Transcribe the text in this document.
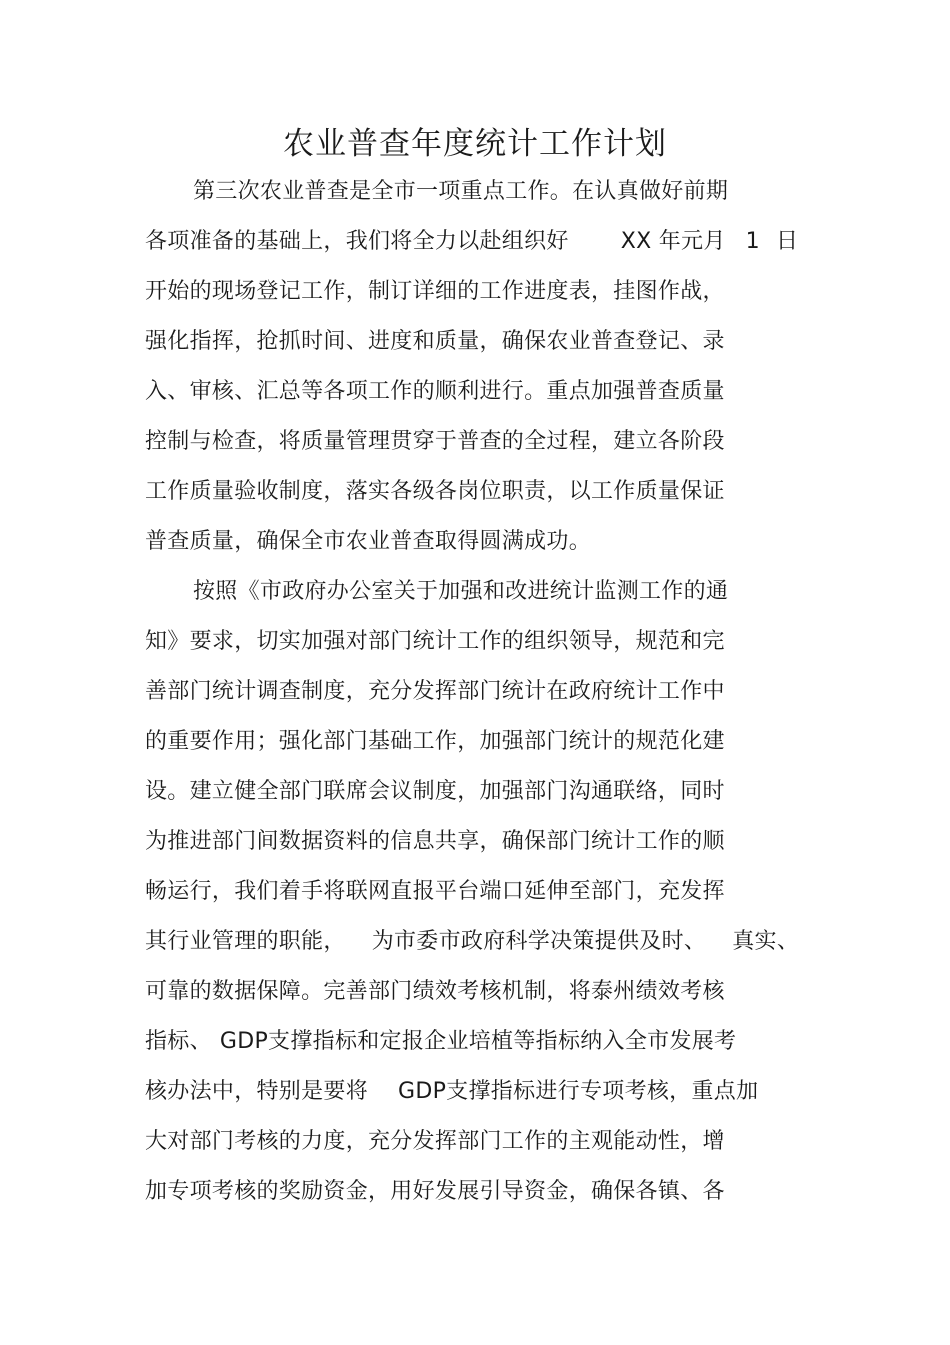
农业普查年度统计工作计划
第三次农业普查是全市一项重点工作。在认真做好前期
各项准备的基础上，我们将全力以赴组织好 XX 年元月 1 日
开始的现场登记工作，制订详细的工作进度表，挂图作战，
强化指挥，抢抓时间、进度和质量，确保农业普查登记、录
入、审核、汇总等各项工作的顺利进行。重点加强普查质量
控制与检查，将质量管理贯穿于普查的全过程，建立各阶段
工作质量验收制度，落实各级各岗位职责，以工作质量保证
普查质量，确保全市农业普查取得圆满成功。
按照《市政府办公室关于加强和改进统计监测工作的通
知》要求，切实加强对部门统计工作的组织领导，规范和完
善部门统计调查制度，充分发挥部门统计在政府统计工作中
的重要作用；强化部门基础工作，加强部门统计的规范化建
设。建立健全部门联席会议制度，加强部门沟通联络，同时
为推进部门间数据资料的信息共享，确保部门统计工作的顺
畅运行，我们着手将联网直报平台端口延伸至部门，充发挥
其行业管理的职能， 为市委市政府科学决策提供及时、 真实、
可靠的数据保障。完善部门绩效考核机制，将泰州绩效考核
指标、 GDP支撑指标和定报企业培植等指标纳入全市发展考
核办法中，特别是要将 GDP支撑指标进行专项考核，重点加
大对部门考核的力度，充分发挥部门工作的主观能动性，增
加专项考核的奖励资金，用好发展引导资金，确保各镇、各
